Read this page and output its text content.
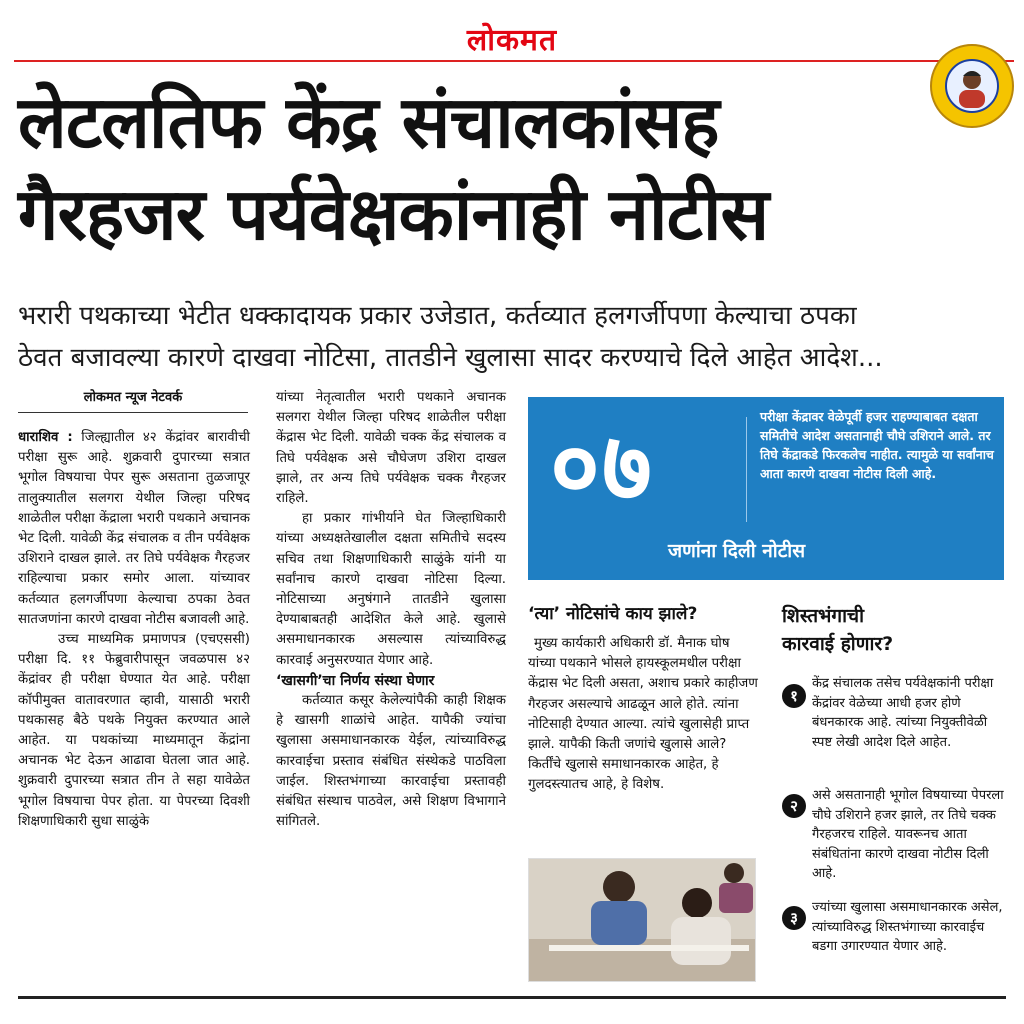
लोकमत
लेटलतिफ केंद्र संचालकांसह
गैरहजर पर्यवेक्षकांनाही नोटीस
भरारी पथकाच्या भेटीत धक्कादायक प्रकार उजेडात, कर्तव्यात हलगर्जीपणा केल्याचा ठपका
ठेवत बजावल्या कारणे दाखवा नोटिसा, तातडीने खुलासा सादर करण्याचे दिले आहेत आदेश...
लोकमत न्यूज नेटवर्क

धाराशिव : जिल्ह्यातील ४२ केंद्रांवर बारावीची परीक्षा सुरू आहे. शुक्रवारी दुपारच्या सत्रात भूगोल विषयाचा पेपर सुरू असताना तुळजापूर तालुक्यातील सलगरा येथील जिल्हा परिषद शाळेतील परीक्षा केंद्राला भरारी पथकाने अचानक भेट दिली. यावेळी केंद्र संचालक व तीन पर्यवेक्षक उशिराने दाखल झाले. तर तिघे पर्यवेक्षक गैरहजर राहिल्याचा प्रकार समोर आला. यांच्यावर कर्तव्यात हलगर्जीपणा केल्याचा ठपका ठेवत सातजणांना कारणे दाखवा नोटीस बजावली आहे.

उच्च माध्यमिक प्रमाणपत्र (एचएससी) परीक्षा दि. ११ फेब्रुवारीपासून जवळपास ४२ केंद्रांवर ही परीक्षा घेण्यात येत आहे. परीक्षा कॉपीमुक्त वातावरणात व्हावी, यासाठी भरारी पथकासह बैठे पथके नियुक्त करण्यात आले आहेत. या पथकांच्या माध्यमातून केंद्रांना अचानक भेट देऊन आढावा घेतला जात आहे. शुक्रवारी दुपारच्या सत्रात तीन ते सहा यावेळेत भूगोल विषयाचा पेपर होता. या पेपरच्या दिवशी शिक्षणाधिकारी सुधा साळुंके

यांच्या नेतृत्वातील भरारी पथकाने अचानक सलगरा येथील जिल्हा परिषद शाळेतील परीक्षा केंद्रास भेट दिली. यावेळी चक्क केंद्र संचालक व तिघे पर्यवेक्षक असे चौघेजण उशिरा दाखल झाले, तर अन्य तिघे पर्यवेक्षक चक्क गैरहजर राहिले.

हा प्रकार गांभीर्याने घेत जिल्हाधिकारी यांच्या अध्यक्षतेखालील दक्षता समितीचे सदस्य सचिव तथा शिक्षणाधिकारी साळुंके यांनी या सर्वांनाच कारणे दाखवा नोटिसा दिल्या. नोटिसाच्या अनुषंगाने तातडीने खुलासा देण्याबाबतही आदेशित केले आहे. खुलासे असमाधानकारक असल्यास त्यांच्याविरुद्ध कारवाई अनुसरण्यात येणार आहे.

‘खासगी’चा निर्णय संस्था घेणार

कर्तव्यात कसूर केलेल्यांपैकी काही शिक्षक हे खासगी शाळांचे आहेत. यापैकी ज्यांचा खुलासा असमाधानकारक येईल, त्यांच्याविरुद्ध कारवाईचा प्रस्ताव संबंधित संस्थेकडे पाठविला जाईल. शिस्तभंगाच्या कारवाईचा प्रस्तावही संबंधित संस्थाच पाठवेल, असे शिक्षण विभागाने सांगितले.

०७	परीक्षा केंद्रावर वेळेपूर्वी हजर राहण्याबाबत दक्षता समितीचे आदेश असतानाही चौघे उशिराने आले. तर तिघे केंद्राकडे फिरकलेच नाहीत. त्यामुळे या सर्वांनाच आता कारणे दाखवा नोटीस दिली आहे.
जणांना दिली नोटीस
‘त्या’ नोटिसांचे काय झाले?
मुख्य कार्यकारी अधिकारी डॉ. मैनाक घोष यांच्या पथकाने भोसले हायस्कूलमधील परीक्षा केंद्रास भेट दिली असता, अशाच प्रकारे काहीजण गैरहजर असल्याचे आढळून आले होते. त्यांना नोटिसाही देण्यात आल्या. त्यांचे खुलासेही प्राप्त झाले. यापैकी किती जणांचे खुलासे आले? किर्तींचे खुलासे समाधानकारक आहेत, हे गुलदस्त्यातच आहे, हे विशेष.
शिस्तभंगाची
कारवाई होणार?
१
केंद्र संचालक तसेच पर्यवेक्षकांनी परीक्षा केंद्रांवर वेळेच्या आधी हजर होणे बंधनकारक आहे. त्यांच्या नियुक्तीवेळी स्पष्ट लेखी आदेश दिले आहेत.
२
असे असतानाही भूगोल विषयाच्या पेपरला चौघे उशिराने हजर झाले, तर तिघे चक्क गैरहजरच राहिले. यावरूनच आता संबंधितांना कारणे दाखवा नोटीस दिली आहे.
३
ज्यांच्या खुलासा असमाधानकारक असेल, त्यांच्याविरुद्ध शिस्तभंगाच्या कारवाईच बडगा उगारण्यात येणार आहे.
